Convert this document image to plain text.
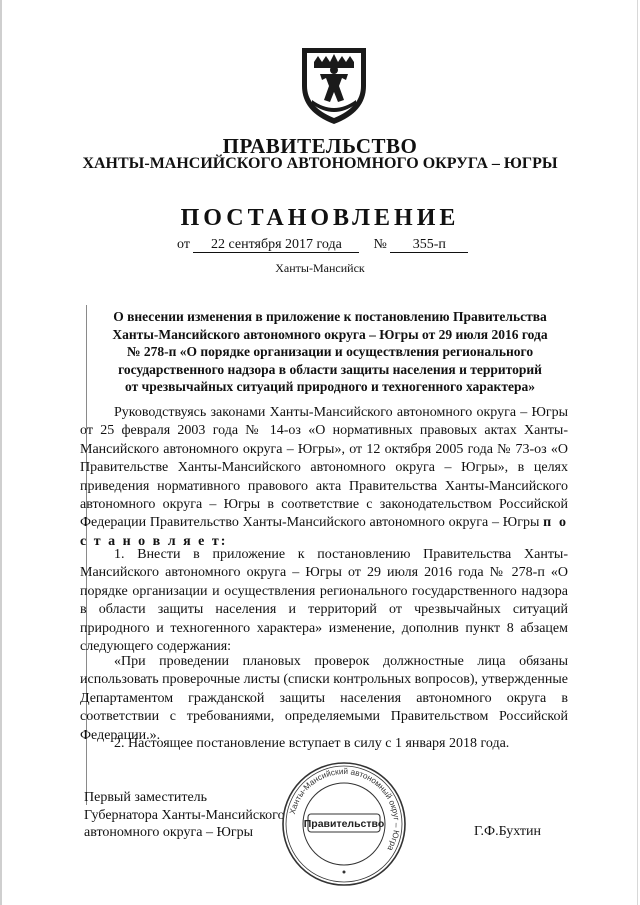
ПРАВИТЕЛЬСТВО
ХАНТЫ-МАНСИЙСКОГО АВТОНОМНОГО ОКРУГА – ЮГРЫ
ПОСТАНОВЛЕНИЕ
от 22 сентября 2017 года № 355-п
Ханты-Мансийск
О внесении изменения в приложение к постановлению Правительства
Ханты-Мансийского автономного округа – Югры от 29 июля 2016 года
№ 278-п «О порядке организации и осуществления регионального
государственного надзора в области защиты населения и территорий
от чрезвычайных ситуаций природного и техногенного характера»

Руководствуясь законами Ханты-Мансийского автономного округа – Югры от 25 февраля 2003 года № 14-оз «О нормативных правовых актах Ханты-Мансийского автономного округа – Югры», от 12 октября 2005 года № 73-оз «О Правительстве Ханты-Мансийского автономного округа – Югры», в целях приведения нормативного правового акта Правительства Ханты-Мансийского автономного округа – Югры в соответствие с законодательством Российской Федерации Правительство Ханты-Мансийского автономного округа – Югры п о с т а н о в л я е т:

1. Внести в приложение к постановлению Правительства Ханты-Мансийского автономного округа – Югры от 29 июля 2016 года № 278-п «О порядке организации и осуществления регионального государственного надзора в области защиты населения и территорий от чрезвычайных ситуаций природного и техногенного характера» изменение, дополнив пункт 8 абзацем следующего содержания:

«При проведении плановых проверок должностные лица обязаны использовать проверочные листы (списки контрольных вопросов), утвержденные Департаментом гражданской защиты населения автономного округа в соответствии с требованиями, определяемыми Правительством Российской Федерации.».

2. Настоящее постановление вступает в силу с 1 января 2018 года.

Первый заместитель
Губернатора Ханты-Мансийского
автономного округа – Югры	Г.Ф.Бухтин
Ханты-Мансийский автономный округ – Югра
Правительство
